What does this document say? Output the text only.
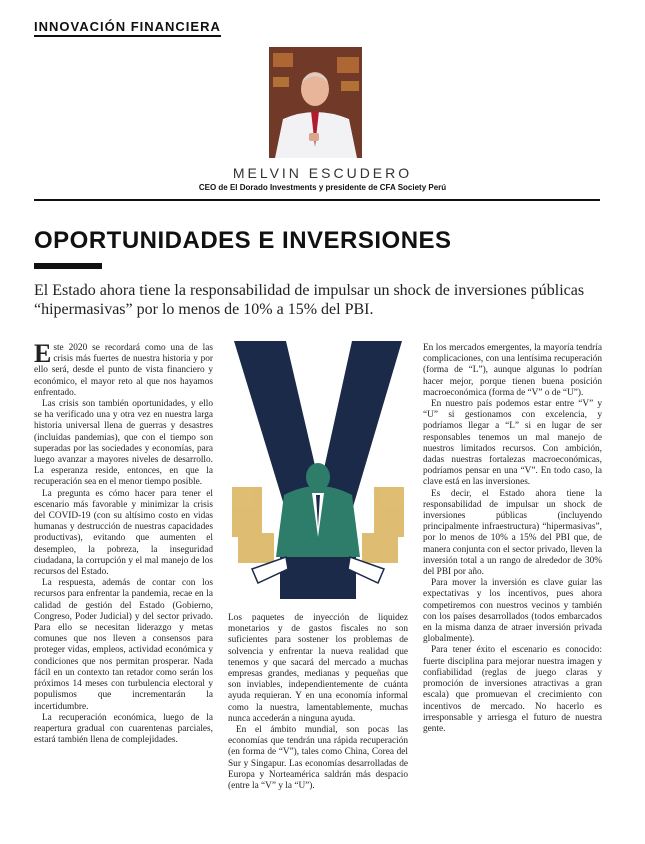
INNOVACIÓN FINANCIERA
MELVIN ESCUDERO
CEO de El Dorado Investments y presidente de CFA Society Perú
OPORTUNIDADES E INVERSIONES
El Estado ahora tiene la responsabilidad de impulsar un shock de inversiones públicas “hipermasivas” por lo menos de 10% a 15% del PBI.

Este 2020 se recordará como una de las crisis más fuertes de nuestra historia y por ello será, desde el punto de vista financiero y económico, el mayor reto al que nos hayamos enfrentado.

Las crisis son también oportunidades, y ello se ha verificado una y otra vez en nuestra larga historia universal llena de guerras y desastres (incluidas pandemias), que con el tiempo son superadas por las sociedades y economías, para luego avanzar a mayores niveles de desarrollo. La esperanza reside, entonces, en que la recuperación sea en el menor tiempo posible.

La pregunta es cómo hacer para tener el escenario más favorable y minimizar la crisis del COVID-19 (con su altísimo costo en vidas humanas y destrucción de nuestras capacidades productivas), evitando que aumenten el desempleo, la pobreza, la inseguridad ciudadana, la corrupción y el mal manejo de los recursos del Estado.

La respuesta, además de contar con los recursos para enfrentar la pandemia, recae en la calidad de gestión del Estado (Gobierno, Congreso, Poder Judicial) y del sector privado. Para ello se necesitan liderazgo y metas comunes que nos lleven a consensos para proteger vidas, empleos, actividad económica y condiciones que nos permitan prosperar. Nada fácil en un contexto tan retador como serán los próximos 14 meses con turbulencia electoral y populismos que incrementarán la incertidumbre.

La recuperación económica, luego de la reapertura gradual con cuarentenas parciales, estará también llena de complejidades.

Los paquetes de inyección de liquidez monetarios y de gastos fiscales no son suficientes para sostener los problemas de solvencia y enfrentar la nueva realidad que tenemos y que sacará del mercado a muchas empresas grandes, medianas y pequeñas que son inviables, independientemente de cuánta ayuda requieran. Y en una economía informal como la nuestra, lamentablemente, muchas nunca accederán a ninguna ayuda.

En el ámbito mundial, son pocas las economías que tendrán una rápida recuperación (en forma de “V”), tales como China, Corea del Sur y Singapur. Las economías desarrolladas de Europa y Norteamérica saldrán más despacio (entre la “V” y la “U”).

En los mercados emergentes, la mayoría tendría complicaciones, con una lentísima recuperación (forma de “L”), aunque algunas lo podrían hacer mejor, porque tienen buena posición macroeconómica (forma de “V” o de “U”).

En nuestro país podemos estar entre “V” y “U” si gestionamos con excelencia, y podríamos llegar a “L” si en lugar de ser responsables tenemos un mal manejo de nuestros limitados recursos. Con ambición, dadas nuestras fortalezas macroeconómicas, podríamos pensar en una “V”. En todo caso, la clave está en las inversiones.

Es decir, el Estado ahora tiene la responsabilidad de impulsar un shock de inversiones públicas (incluyendo principalmente infraestructura) “hipermasivas”, por lo menos de 10% a 15% del PBI que, de manera conjunta con el sector privado, lleven la inversión total a un rango de alrededor de 30% del PBI por año.

Para mover la inversión es clave guiar las expectativas y los incentivos, pues ahora competiremos con nuestros vecinos y también con los países desarrollados (todos embarcados en la misma danza de atraer inversión privada globalmente).

Para tener éxito el escenario es conocido: fuerte disciplina para mejorar nuestra imagen y confiabilidad (reglas de juego claras y promoción de inversiones atractivas a gran escala) que promuevan el crecimiento con incentivos de mercado. No hacerlo es irresponsable y arriesga el futuro de nuestra gente.
